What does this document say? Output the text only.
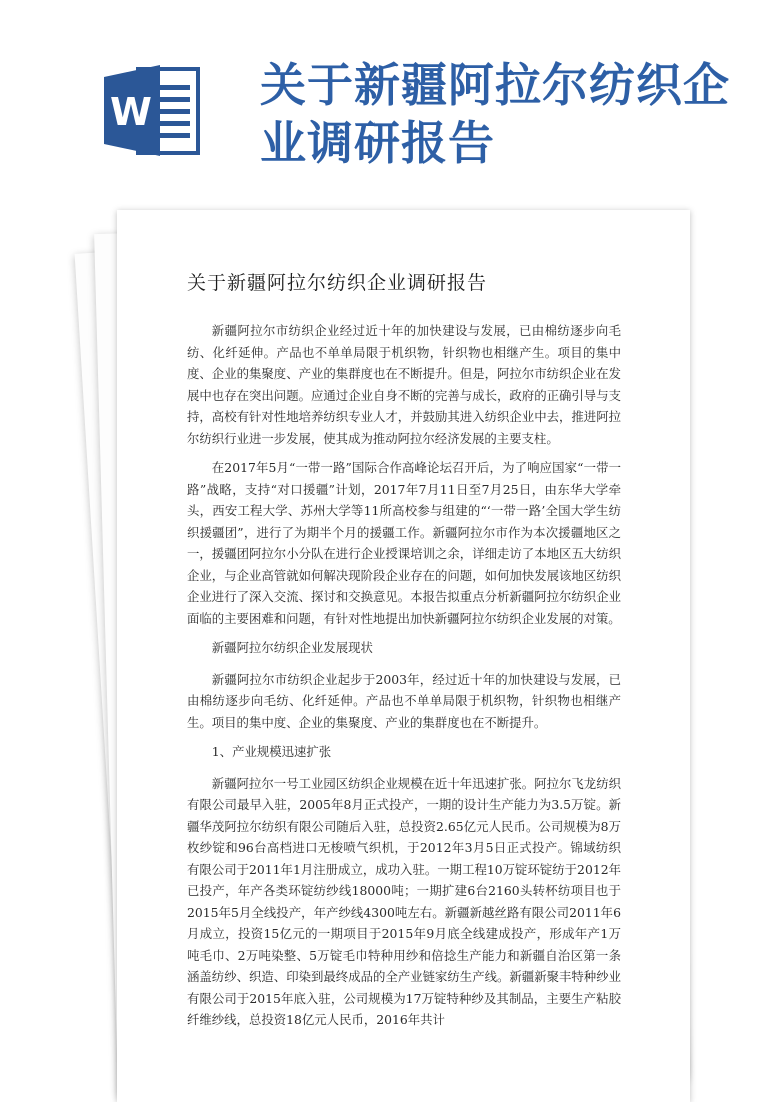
W 关于新疆阿拉尔纺织企业调研报告
关于新疆阿拉尔纺织企业调研报告

新疆阿拉尔市纺织企业经过近十年的加快建设与发展，已由棉纺逐步向毛纺、化纤延伸。产品也不单单局限于机织物，针织物也相继产生。项目的集中度、企业的集聚度、产业的集群度也在不断提升。但是，阿拉尔市纺织企业在发展中也存在突出问题。应通过企业自身不断的完善与成长，政府的正确引导与支持，高校有针对性地培养纺织专业人才，并鼓励其进入纺织企业中去，推进阿拉尔纺织行业进一步发展，使其成为推动阿拉尔经济发展的主要支柱。

在2017年5月“一带一路”国际合作高峰论坛召开后，为了响应国家“一带一路”战略，支持“对口援疆”计划，2017年7月11日至7月25日，由东华大学牵头，西安工程大学、苏州大学等11所高校参与组建的“‘一带一路’全国大学生纺织援疆团”，进行了为期半个月的援疆工作。新疆阿拉尔市作为本次援疆地区之一，援疆团阿拉尔小分队在进行企业授课培训之余，详细走访了本地区五大纺织企业，与企业高管就如何解决现阶段企业存在的问题，如何加快发展该地区纺织企业进行了深入交流、探讨和交换意见。本报告拟重点分析新疆阿拉尔纺织企业面临的主要困难和问题，有针对性地提出加快新疆阿拉尔纺织企业发展的对策。

新疆阿拉尔纺织企业发展现状

新疆阿拉尔市纺织企业起步于2003年，经过近十年的加快建设与发展，已由棉纺逐步向毛纺、化纤延伸。产品也不单单局限于机织物，针织物也相继产生。项目的集中度、企业的集聚度、产业的集群度也在不断提升。

1、产业规模迅速扩张

新疆阿拉尔一号工业园区纺织企业规模在近十年迅速扩张。阿拉尔飞龙纺织有限公司最早入驻，2005年8月正式投产，一期的设计生产能力为3.5万锭。新疆华茂阿拉尔纺织有限公司随后入驻，总投资2.65亿元人民币。公司规模为8万枚纱锭和96台高档进口无梭喷气织机，于2012年3月5日正式投产。锦域纺织有限公司于2011年1月注册成立，成功入驻。一期工程10万锭环锭纺于2012年已投产，年产各类环锭纺纱线18000吨；一期扩建6台2160头转杯纺项目也于2015年5月全线投产，年产纱线4300吨左右。新疆新越丝路有限公司2011年6月成立，投资15亿元的一期项目于2015年9月底全线建成投产，形成年产1万吨毛巾、2万吨染整、5万锭毛巾特种用纱和倍捻生产能力和新疆自治区第一条涵盖纺纱、织造、印染到最终成品的全产业链家纺生产线。新疆新聚丰特种纱业有限公司于2015年底入驻，公司规模为17万锭特种纱及其制品，主要生产粘胶纤维纱线，总投资18亿元人民币，2016年共计
